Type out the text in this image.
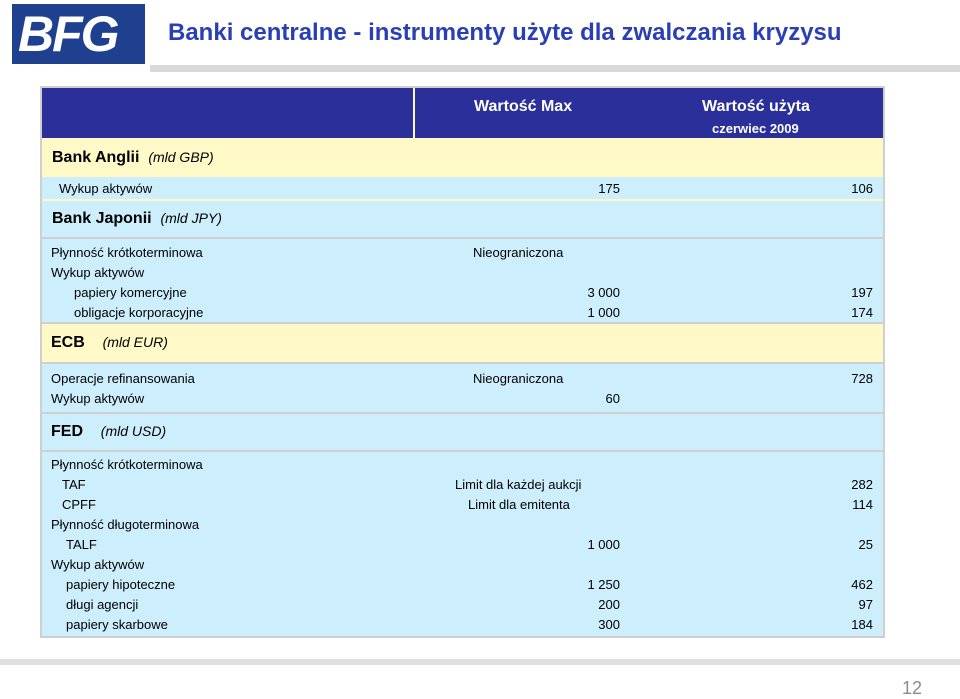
BFG Banki centralne - instrumenty użyte dla zwalczania kryzysu
Wartość Max	Wartość użyta
czerwiec 2009
Bank Anglii (mld GBP)
Wykup aktywów	175	106
Bank Japonii (mld JPY)
Płynność krótkoterminowa	Nieograniczona
Wykup aktywów
papiery komercyjne	3 000	197
obligacje korporacyjne	1 000	174
ECB (mld EUR)
Operacje refinansowania	Nieograniczona	728
Wykup aktywów	60
FED (mld USD)
Płynność krótkoterminowa
TAF	Limit dla każdej aukcji	282
CPFF	Limit dla emitenta	114
Płynność długoterminowa
TALF	1 000	25
Wykup aktywów
papiery hipoteczne	1 250	462
długi agencji	200	97
papiery skarbowe	300	184
12
